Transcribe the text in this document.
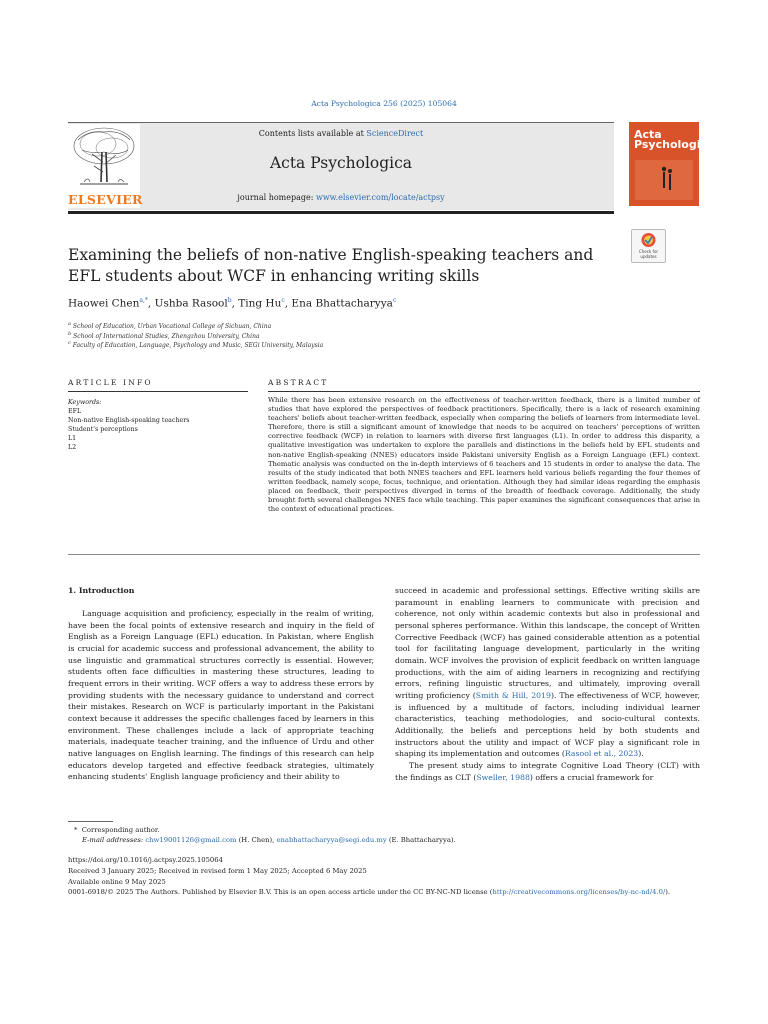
Acta Psychologica 256 (2025) 105064
ELSEVIER
Contents lists available at ScienceDirect
Acta Psychologica
journal homepage: www.elsevier.com/locate/actpsy
Acta Psychologica
Check for updates
Examining the beliefs of non-native English-speaking teachers and EFL students about WCF in enhancing writing skills
Haowei Chen$^{a,*}$, Ushba Rasool$^b$, Ting Hu$^c$, Ena Bhattacharyya$^c$
$^a$ School of Education, Urban Vocational College of Sichuan, China
$^b$ School of International Studies, Zhengzhou University, China
$^c$ Faculty of Education, Language, Psychology and Music, SEGi University, Malaysia
ARTICLE INFO	ABSTRACT
Keywords:
EFL
Non-native English-speaking teachers
Student's perceptions
L1
L2
While there has been extensive research on the effectiveness of teacher-written feedback, there is a limited number of studies that have explored the perspectives of feedback practitioners. Specifically, there is a lack of research examining teachers' beliefs about teacher-written feedback, especially when comparing the beliefs of learners from intermediate level. Therefore, there is still a significant amount of knowledge that needs to be acquired on teachers' perceptions of written corrective feedback (WCF) in relation to learners with diverse first languages (L1). In order to address this disparity, a qualitative investigation was undertaken to explore the parallels and distinctions in the beliefs held by EFL students and non-native English-speaking (NNES) educators inside Pakistani university English as a Foreign Language (EFL) context. Thematic analysis was conducted on the in-depth interviews of 6 teachers and 15 students in order to analyse the data. The results of the study indicated that both NNES teachers and EFL learners held various beliefs regarding the four themes of written feedback, namely scope, focus, technique, and orientation. Although they had similar ideas regarding the emphasis placed on feedback, their perspectives diverged in terms of the breadth of feedback coverage. Additionally, the study brought forth several challenges NNES face while teaching. This paper examines the significant consequences that arise in the context of educational practices.
1. Introduction

Language acquisition and proficiency, especially in the realm of writing, have been the focal points of extensive research and inquiry in the field of English as a Foreign Language (EFL) education. In Pakistan, where English is crucial for academic success and professional advancement, the ability to use linguistic and grammatical structures correctly is essential. However, students often face difficulties in mastering these structures, leading to frequent errors in their writing. WCF offers a way to address these errors by providing students with the necessary guidance to understand and correct their mistakes. Research on WCF is particularly important in the Pakistani context because it addresses the specific challenges faced by learners in this environment. These challenges include a lack of appropriate teaching materials, inadequate teacher training, and the influence of Urdu and other native languages on English learning. The findings of this research can help educators develop targeted and effective feedback strategies, ultimately enhancing students' English language proficiency and their ability to

succeed in academic and professional settings. Effective writing skills are paramount in enabling learners to communicate with precision and coherence, not only within academic contexts but also in professional and personal spheres performance. Within this landscape, the concept of Written Corrective Feedback (WCF) has gained considerable attention as a potential tool for facilitating language development, particularly in the writing domain. WCF involves the provision of explicit feedback on written language productions, with the aim of aiding learners in recognizing and rectifying errors, refining linguistic structures, and ultimately, improving overall writing proficiency (Smith & Hill, 2019). The effectiveness of WCF, however, is influenced by a multitude of factors, including individual learner characteristics, teaching methodologies, and socio-cultural contexts. Additionally, the beliefs and perceptions held by both students and instructors about the utility and impact of WCF play a significant role in shaping its implementation and outcomes (Rasool et al., 2023).

The present study aims to integrate Cognitive Load Theory (CLT) with the findings as CLT (Sweller, 1988) offers a crucial framework for

*  Corresponding author.
E-mail addresses: chw19001126@gmail.com (H. Chen), enabhattacharyya@segi.edu.my (E. Bhattacharyya).
https://doi.org/10.1016/j.actpsy.2025.105064
Received 3 January 2025; Received in revised form 1 May 2025; Accepted 6 May 2025
Available online 9 May 2025
0001-6918/© 2025 The Authors. Published by Elsevier B.V. This is an open access article under the CC BY-NC-ND license (http://creativecommons.org/licenses/by-nc-nd/4.0/).
